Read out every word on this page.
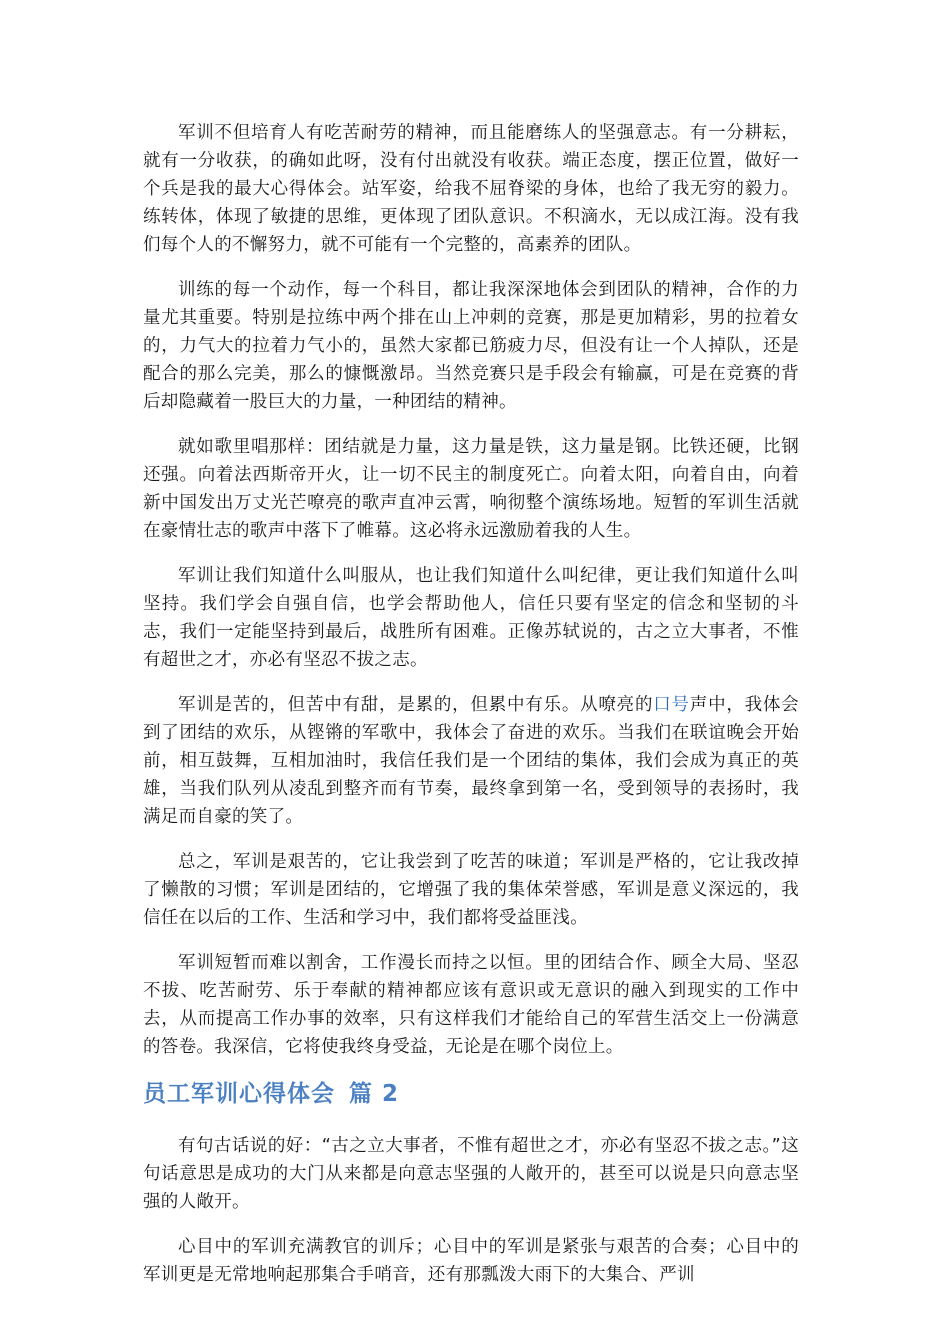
军训不但培育人有吃苦耐劳的精神，而且能磨练人的坚强意志。有一分耕耘，就有一分收获，的确如此呀，没有付出就没有收获。端正态度，摆正位置，做好一个兵是我的最大心得体会。站军姿，给我不屈脊梁的身体，也给了我无穷的毅力。练转体，体现了敏捷的思维，更体现了团队意识。不积滴水，无以成江海。没有我们每个人的不懈努力，就不可能有一个完整的，高素养的团队。

训练的每一个动作，每一个科目，都让我深深地体会到团队的精神，合作的力量尤其重要。特别是拉练中两个排在山上冲刺的竞赛，那是更加精彩，男的拉着女的，力气大的拉着力气小的，虽然大家都已筋疲力尽，但没有让一个人掉队，还是配合的那么完美，那么的慷慨激昂。当然竞赛只是手段会有输赢，可是在竞赛的背后却隐藏着一股巨大的力量，一种团结的精神。

就如歌里唱那样：团结就是力量，这力量是铁，这力量是钢。比铁还硬，比钢还强。向着法西斯帝开火，让一切不民主的制度死亡。向着太阳，向着自由，向着新中国发出万丈光芒嘹亮的歌声直冲云霄，响彻整个演练场地。短暂的军训生活就在豪情壮志的歌声中落下了帷幕。这必将永远激励着我的人生。

军训让我们知道什么叫服从，也让我们知道什么叫纪律，更让我们知道什么叫坚持。我们学会自强自信，也学会帮助他人，信任只要有坚定的信念和坚韧的斗志，我们一定能坚持到最后，战胜所有困难。正像苏轼说的，古之立大事者，不惟有超世之才，亦必有坚忍不拔之志。

军训是苦的，但苦中有甜，是累的，但累中有乐。从嘹亮的口号声中，我体会到了团结的欢乐，从铿锵的军歌中，我体会了奋进的欢乐。当我们在联谊晚会开始前，相互鼓舞，互相加油时，我信任我们是一个团结的集体，我们会成为真正的英雄，当我们队列从凌乱到整齐而有节奏，最终拿到第一名，受到领导的表扬时，我满足而自豪的笑了。

总之，军训是艰苦的，它让我尝到了吃苦的味道；军训是严格的，它让我改掉了懒散的习惯；军训是团结的，它增强了我的集体荣誉感，军训是意义深远的，我信任在以后的工作、生活和学习中，我们都将受益匪浅。

军训短暂而难以割舍，工作漫长而持之以恒。里的团结合作、顾全大局、坚忍不拔、吃苦耐劳、乐于奉献的精神都应该有意识或无意识的融入到现实的工作中去，从而提高工作办事的效率，只有这样我们才能给自己的军营生活交上一份满意的答卷。我深信，它将使我终身受益，无论是在哪个岗位上。

员工军训心得体会 篇 2

有句古话说的好：“古之立大事者，不惟有超世之才，亦必有坚忍不拔之志。”这句话意思是成功的大门从来都是向意志坚强的人敞开的，甚至可以说是只向意志坚强的人敞开。

心目中的军训充满教官的训斥；心目中的军训是紧张与艰苦的合奏；心目中的军训更是无常地响起那集合手哨音，还有那瓢泼大雨下的大集合、严训
